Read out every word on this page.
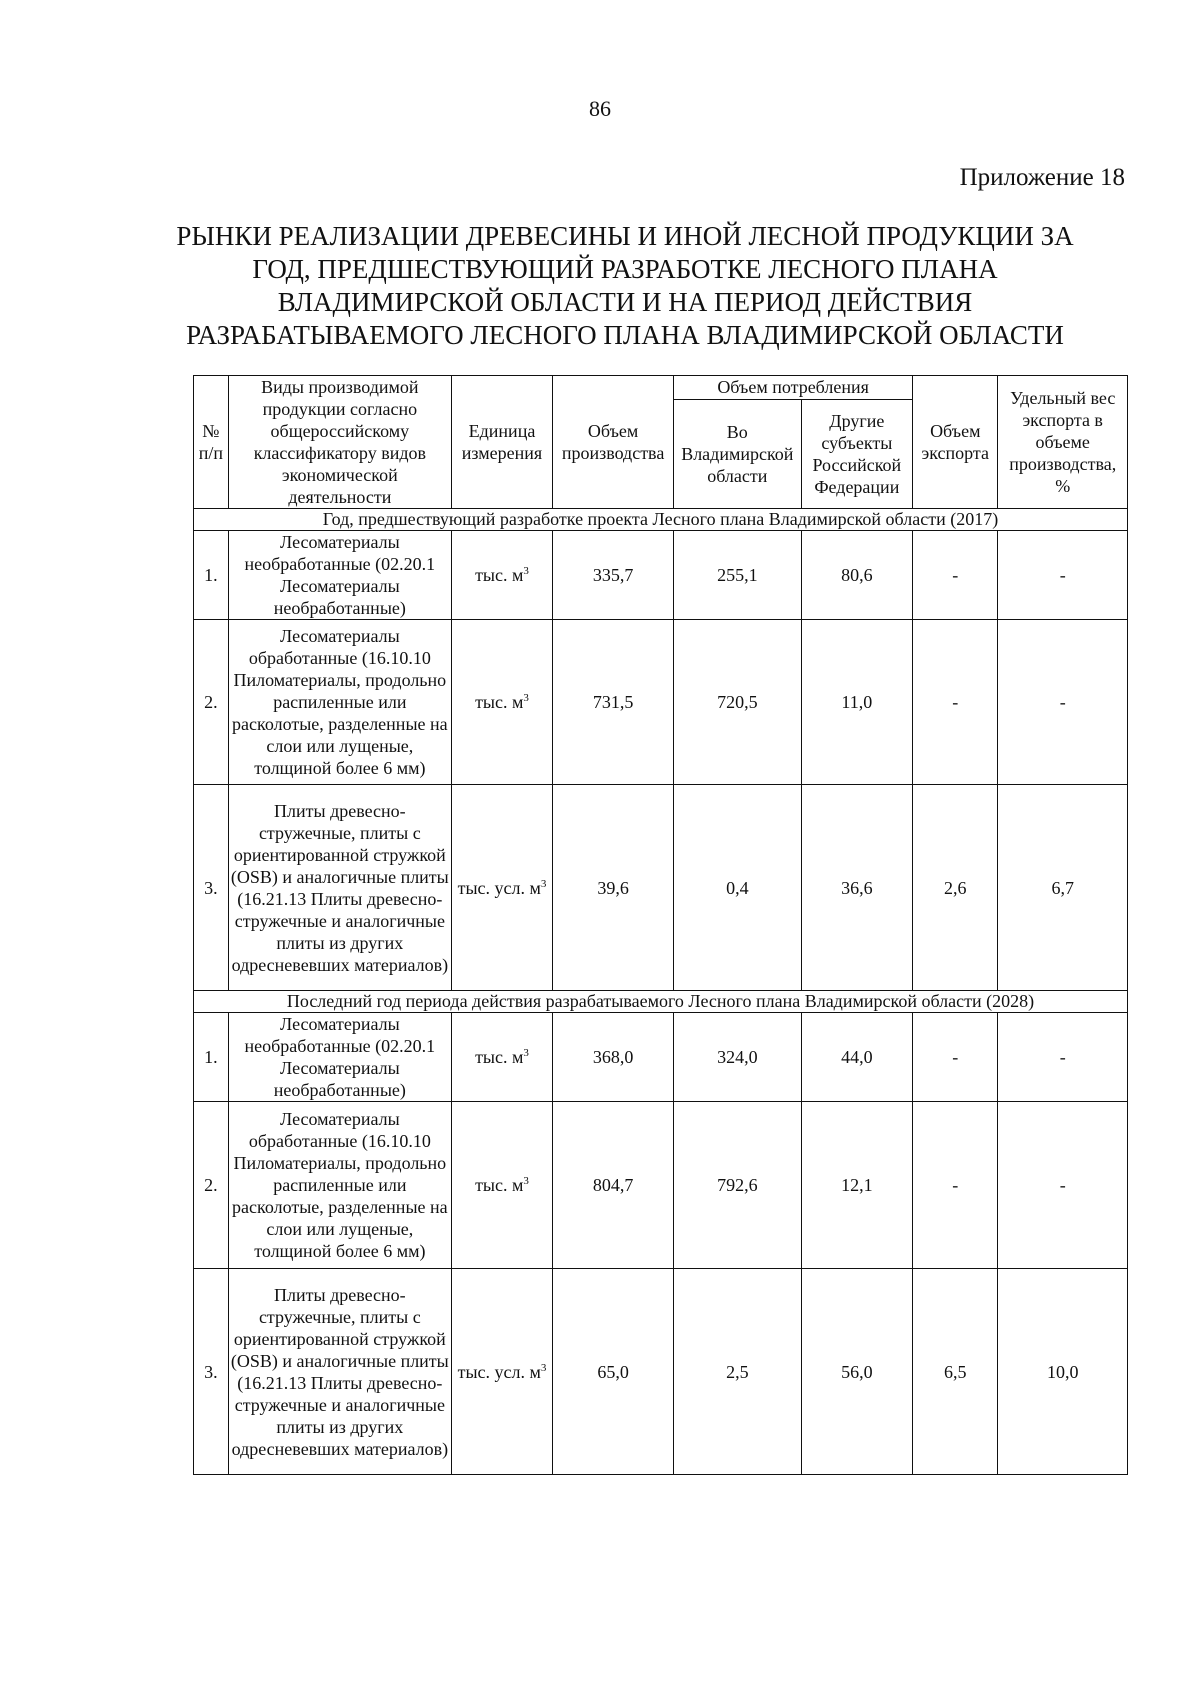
86
Приложение 18
РЫНКИ РЕАЛИЗАЦИИ ДРЕВЕСИНЫ И ИНОЙ ЛЕСНОЙ ПРОДУКЦИИ ЗА
ГОД, ПРЕДШЕСТВУЮЩИЙ РАЗРАБОТКЕ ЛЕСНОГО ПЛАНА
ВЛАДИМИРСКОЙ ОБЛАСТИ И НА ПЕРИОД ДЕЙСТВИЯ
РАЗРАБАТЫВАЕМОГО ЛЕСНОГО ПЛАНА ВЛАДИМИРСКОЙ ОБЛАСТИ
№ п/п	Виды производимой продукции согласно общероссийскому классификатору видов экономической деятельности	Единица измерения	Объем производства	Объем потребления		Объем экспорта	Удельный вес экспорта в объеме производства, %
				Во Владимирской области	Другие субъекты Российской Федерации		
Год, предшествующий разработке проекта Лесного плана Владимирской области (2017)							
1.	Лесоматериалы необработанные (02.20.1 Лесоматериалы необработанные)	тыс. $м^3$	335,7	255,1	80,6	-	-
2.	Лесоматериалы обработанные (16.10.10 Пиломатериалы, продольно распиленные или расколотые, разделенные на слои или лущеные, толщиной более 6 мм)	тыс. $м^3$	731,5	720,5	11,0	-	-
3.	Плиты древесно-стружечные, плиты с ориентированной стружкой (OSB) и аналогичные плиты (16.21.13 Плиты древесно-стружечные и аналогичные плиты из других одресневевших материалов)	тыс. усл. $м^3$	39,6	0,4	36,6	2,6	6,7
Последний год периода действия разрабатываемого Лесного плана Владимирской области (2028)							
1.	Лесоматериалы необработанные (02.20.1 Лесоматериалы необработанные)	тыс. $м^3$	368,0	324,0	44,0	-	-
2.	Лесоматериалы обработанные (16.10.10 Пиломатериалы, продольно распиленные или расколотые, разделенные на слои или лущеные, толщиной более 6 мм)	тыс. $м^3$	804,7	792,6	12,1	-	-
3.	Плиты древесно-стружечные, плиты с ориентированной стружкой (OSB) и аналогичные плиты (16.21.13 Плиты древесно-стружечные и аналогичные плиты из других одресневевших материалов)	тыс. усл. $м^3$	65,0	2,5	56,0	6,5	10,0
